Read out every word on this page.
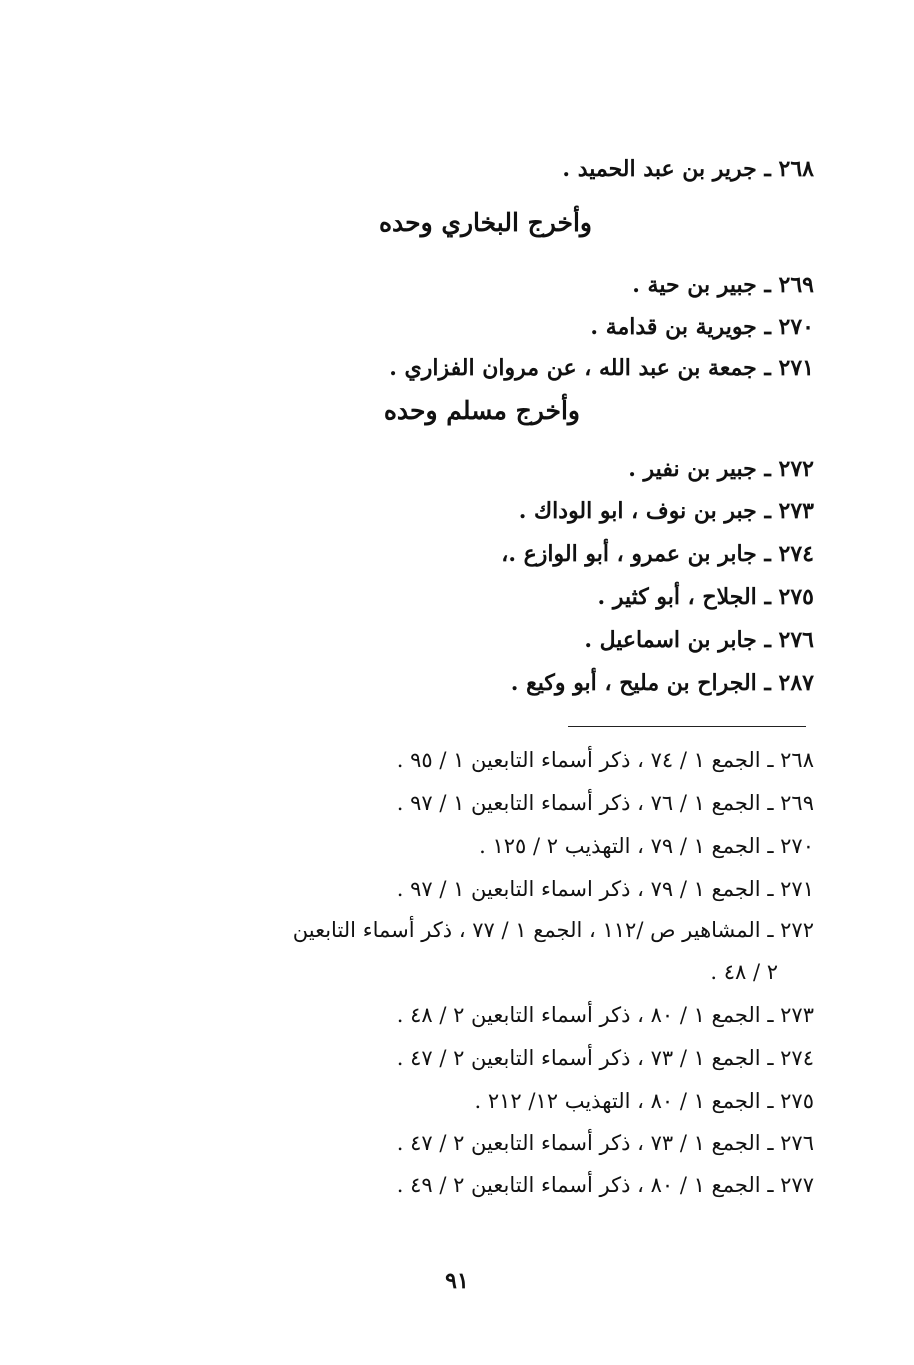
٢٦٨ ـ جرير بن عبد الحميد .
وأخرج البخاري وحده
٢٦٩ ـ جبير بن حية .
٢٧٠ ـ جويرية بن قدامة .
٢٧١ ـ جمعة بن عبد الله ، عن مروان الفزاري .
وأخرج مسلم وحده
٢٧٢ ـ جبير بن نفير .
٢٧٣ ـ جبر بن نوف ، ابو الوداك .
٢٧٤ ـ جابر بن عمرو ، أبو الوازع .،
٢٧٥ ـ الجلاح ، أبو كثير .
٢٧٦ ـ جابر بن اسماعيل .
٢٨٧ ـ الجراح بن مليح ، أبو وكيع .
٢٦٨ ـ الجمع ١ / ٧٤ ، ذكر أسماء التابعين ١ / ٩٥ .
٢٦٩ ـ الجمع ١ / ٧٦ ، ذكر أسماء التابعين ١ / ٩٧ .
٢٧٠ ـ الجمع ١ / ٧٩ ، التهذيب ٢ / ١٢٥ .
٢٧١ ـ الجمع ١ / ٧٩ ، ذكر اسماء التابعين ١ / ٩٧ .
٢٧٢ ـ المشاهير ص /١١٢ ، الجمع ١ / ٧٧ ، ذكر أسماء التابعين
٢ / ٤٨ .
٢٧٣ ـ الجمع ١ / ٨٠ ، ذكر أسماء التابعين ٢ / ٤٨ .
٢٧٤ ـ الجمع ١ / ٧٣ ، ذكر أسماء التابعين ٢ / ٤٧ .
٢٧٥ ـ الجمع ١ / ٨٠ ، التهذيب ١٢/ ٢١٢ .
٢٧٦ ـ الجمع ١ / ٧٣ ، ذكر أسماء التابعين ٢ / ٤٧ .
٢٧٧ ـ الجمع ١ / ٨٠ ، ذكر أسماء التابعين ٢ / ٤٩ .
٩١
